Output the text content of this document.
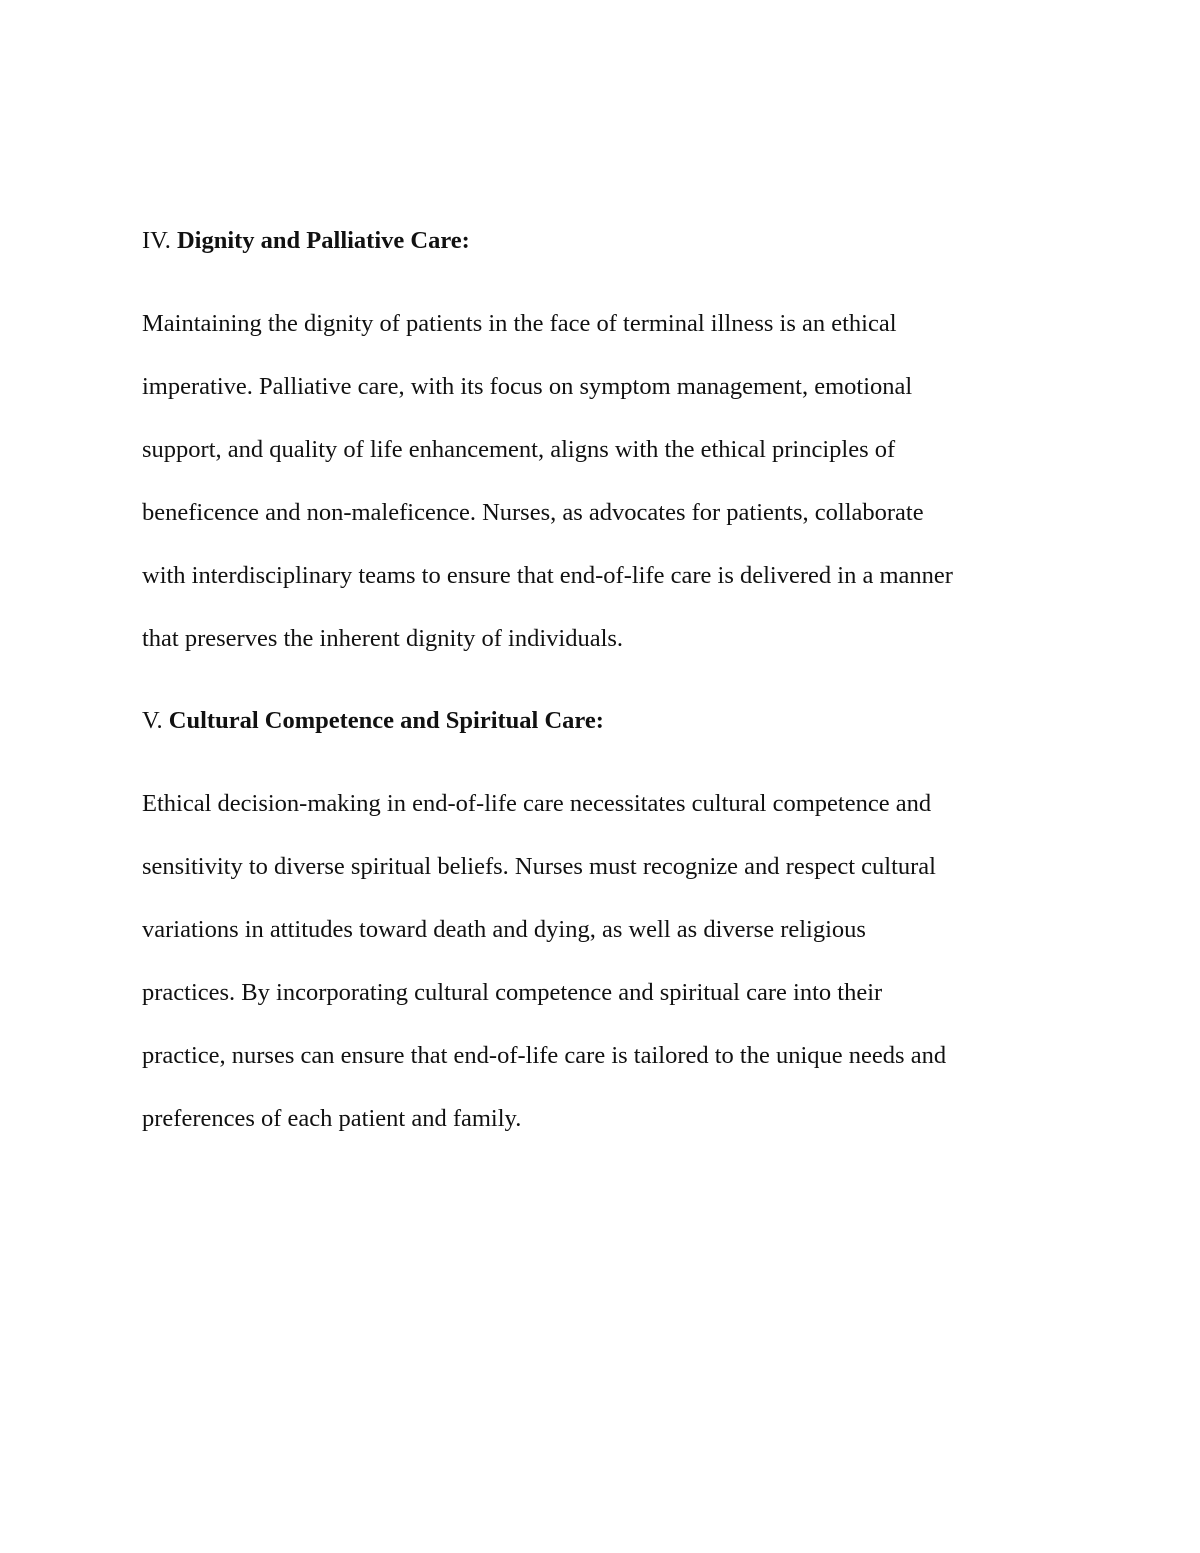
IV. Dignity and Palliative Care:
Maintaining the dignity of patients in the face of terminal illness is an ethical
imperative. Palliative care, with its focus on symptom management, emotional
support, and quality of life enhancement, aligns with the ethical principles of
beneficence and non-maleficence. Nurses, as advocates for patients, collaborate
with interdisciplinary teams to ensure that end-of-life care is delivered in a manner
that preserves the inherent dignity of individuals.
V. Cultural Competence and Spiritual Care:
Ethical decision-making in end-of-life care necessitates cultural competence and
sensitivity to diverse spiritual beliefs. Nurses must recognize and respect cultural
variations in attitudes toward death and dying, as well as diverse religious
practices. By incorporating cultural competence and spiritual care into their
practice, nurses can ensure that end-of-life care is tailored to the unique needs and
preferences of each patient and family.
